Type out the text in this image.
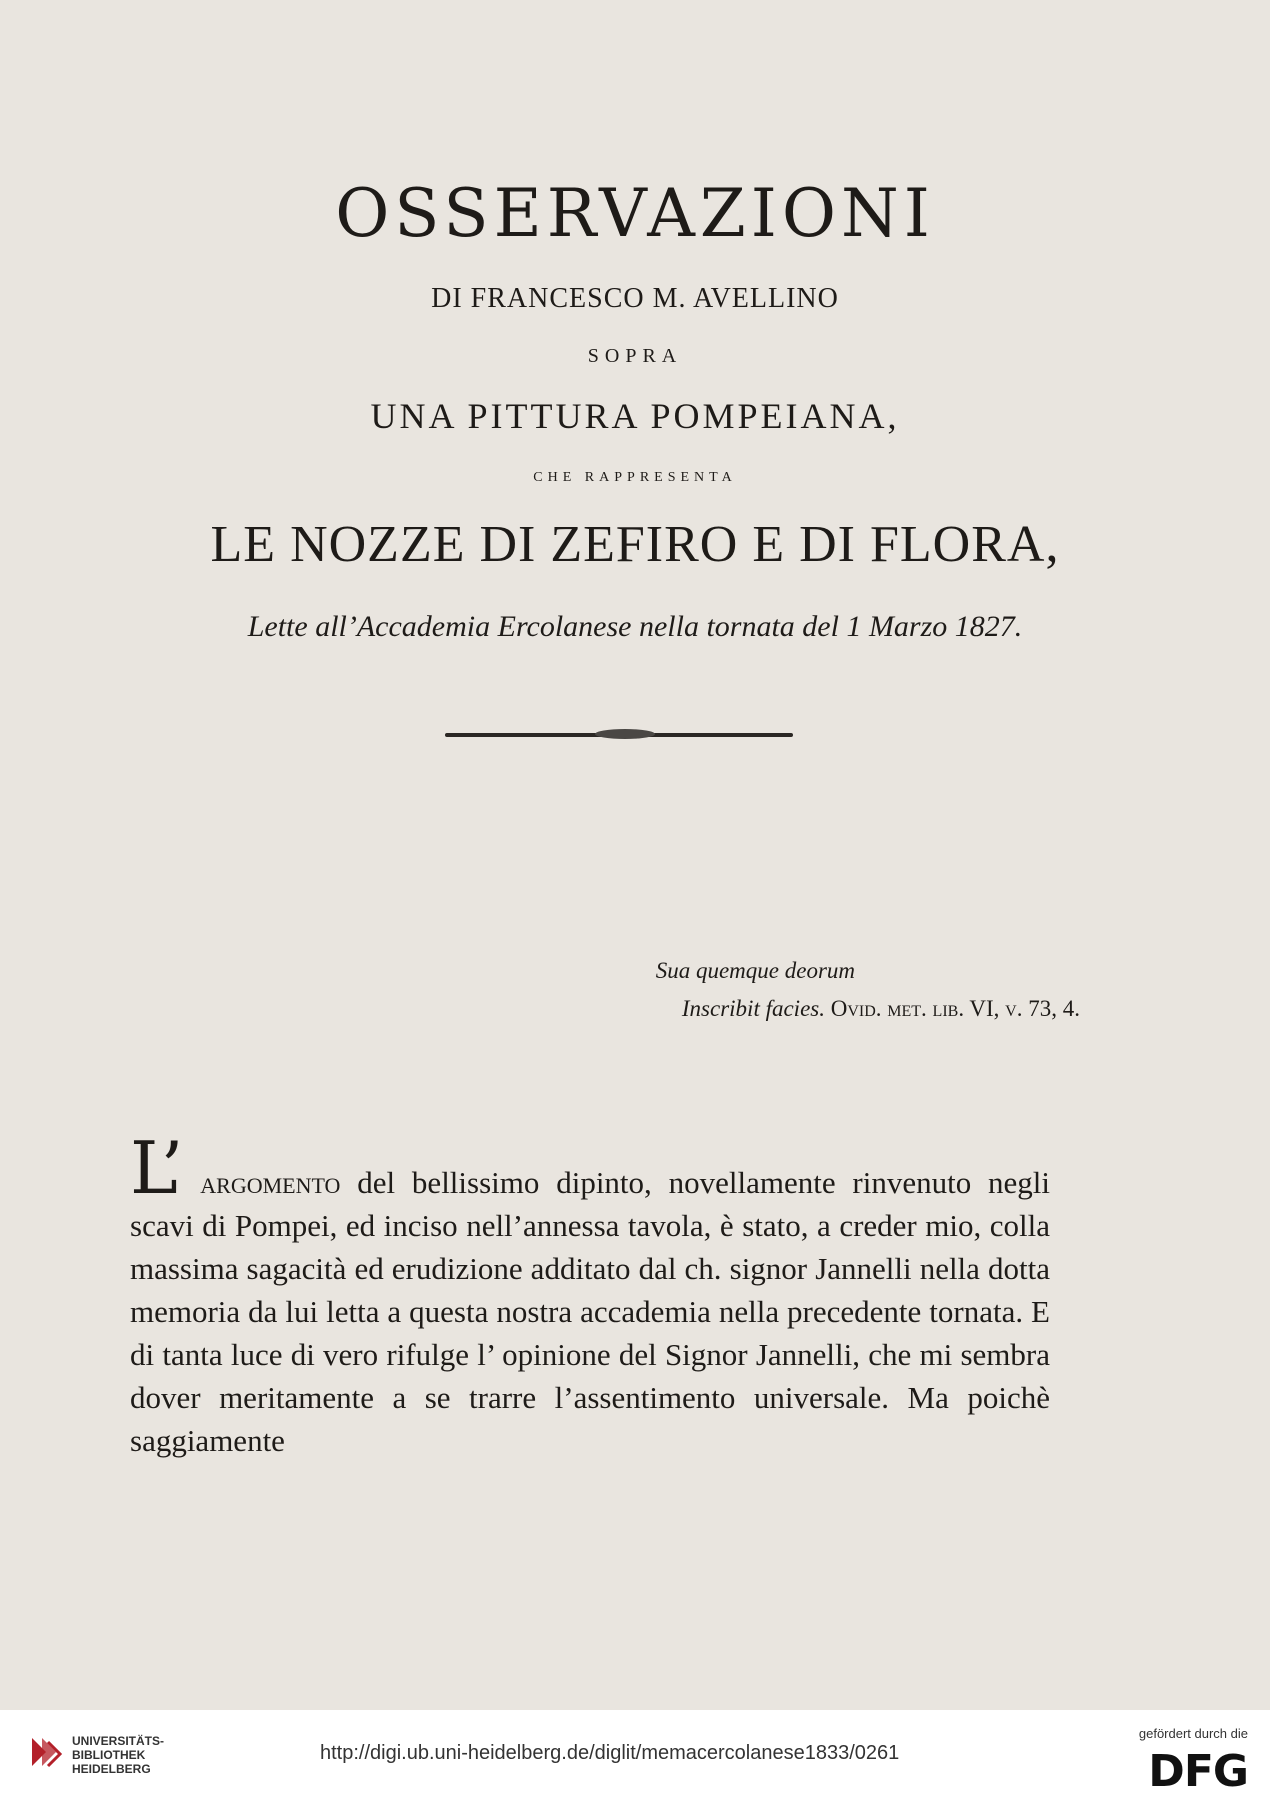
OSSERVAZIONI
DI FRANCESCO M. AVELLINO
SOPRA
UNA PITTURA POMPEIANA,
CHE RAPPRESENTA
LE NOZZE DI ZEFIRO E DI FLORA,
Lette all’Accademia Ercolanese nella tornata del 1 Marzo 1827.
Sua quemque deorum
Inscribit facies. Ovid. met. lib. VI, v. 73, 4.
L’ argomento del bellissimo dipinto, novellamente rinvenuto negli scavi di Pompei, ed inciso nell’annessa tavola, è stato, a creder mio, colla massima sagacità ed erudizione additato dal ch. signor Jannelli nella dotta memoria da lui letta a questa nostra accademia nella precedente tornata. E di tanta luce di vero rifulge l’ opinione del Signor Jannelli, che mi sembra dover meritamente a se trarre l’assentimento universale. Ma poichè saggiamente
UNIVERSITÄTS-
BIBLIOTHEK
HEIDELBERG
http://digi.ub.uni-heidelberg.de/diglit/memacercolanese1833/0261
gefördert durch die
DFG
